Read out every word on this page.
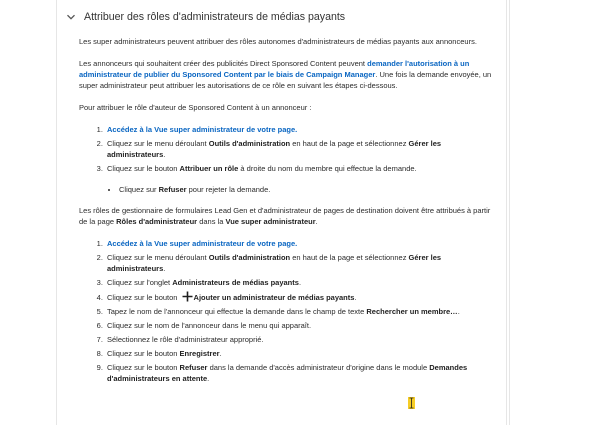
Attribuer des rôles d'administrateurs de médias payants

Les super administrateurs peuvent attribuer des rôles autonomes d'administrateurs de médias payants aux annonceurs.

Les annonceurs qui souhaitent créer des publicités Direct Sponsored Content peuvent demander l'autorisation à un administrateur de publier du Sponsored Content par le biais de Campaign Manager. Une fois la demande envoyée, un super administrateur peut attribuer les autorisations de ce rôle en suivant les étapes ci-dessous.

Pour attribuer le rôle d'auteur de Sponsored Content à un annonceur :

1. Accédez à la Vue super administrateur de votre page.
2. Cliquez sur le menu déroulant Outils d'administration en haut de la page et sélectionnez Gérer les administrateurs.
3. Cliquez sur le bouton Attribuer un rôle à droite du nom du membre qui effectue la demande.
• Cliquez sur Refuser pour rejeter la demande.

Les rôles de gestionnaire de formulaires Lead Gen et d'administrateur de pages de destination doivent être attribués à partir de la page Rôles d'administrateur dans la Vue super administrateur.

1. Accédez à la Vue super administrateur de votre page.
2. Cliquez sur le menu déroulant Outils d'administration en haut de la page et sélectionnez Gérer les administrateurs.
3. Cliquez sur l'onglet Administrateurs de médias payants.
4. Cliquez sur le bouton Ajouter un administrateur de médias payants.
5. Tapez le nom de l'annonceur qui effectue la demande dans le champ de texte Rechercher un membre….
6. Cliquez sur le nom de l'annonceur dans le menu qui apparaît.
7. Sélectionnez le rôle d'administrateur approprié.
8. Cliquez sur le bouton Enregistrer.
9. Cliquez sur le bouton Refuser dans la demande d'accès administrateur d'origine dans le module Demandes d'administrateurs en attente.
